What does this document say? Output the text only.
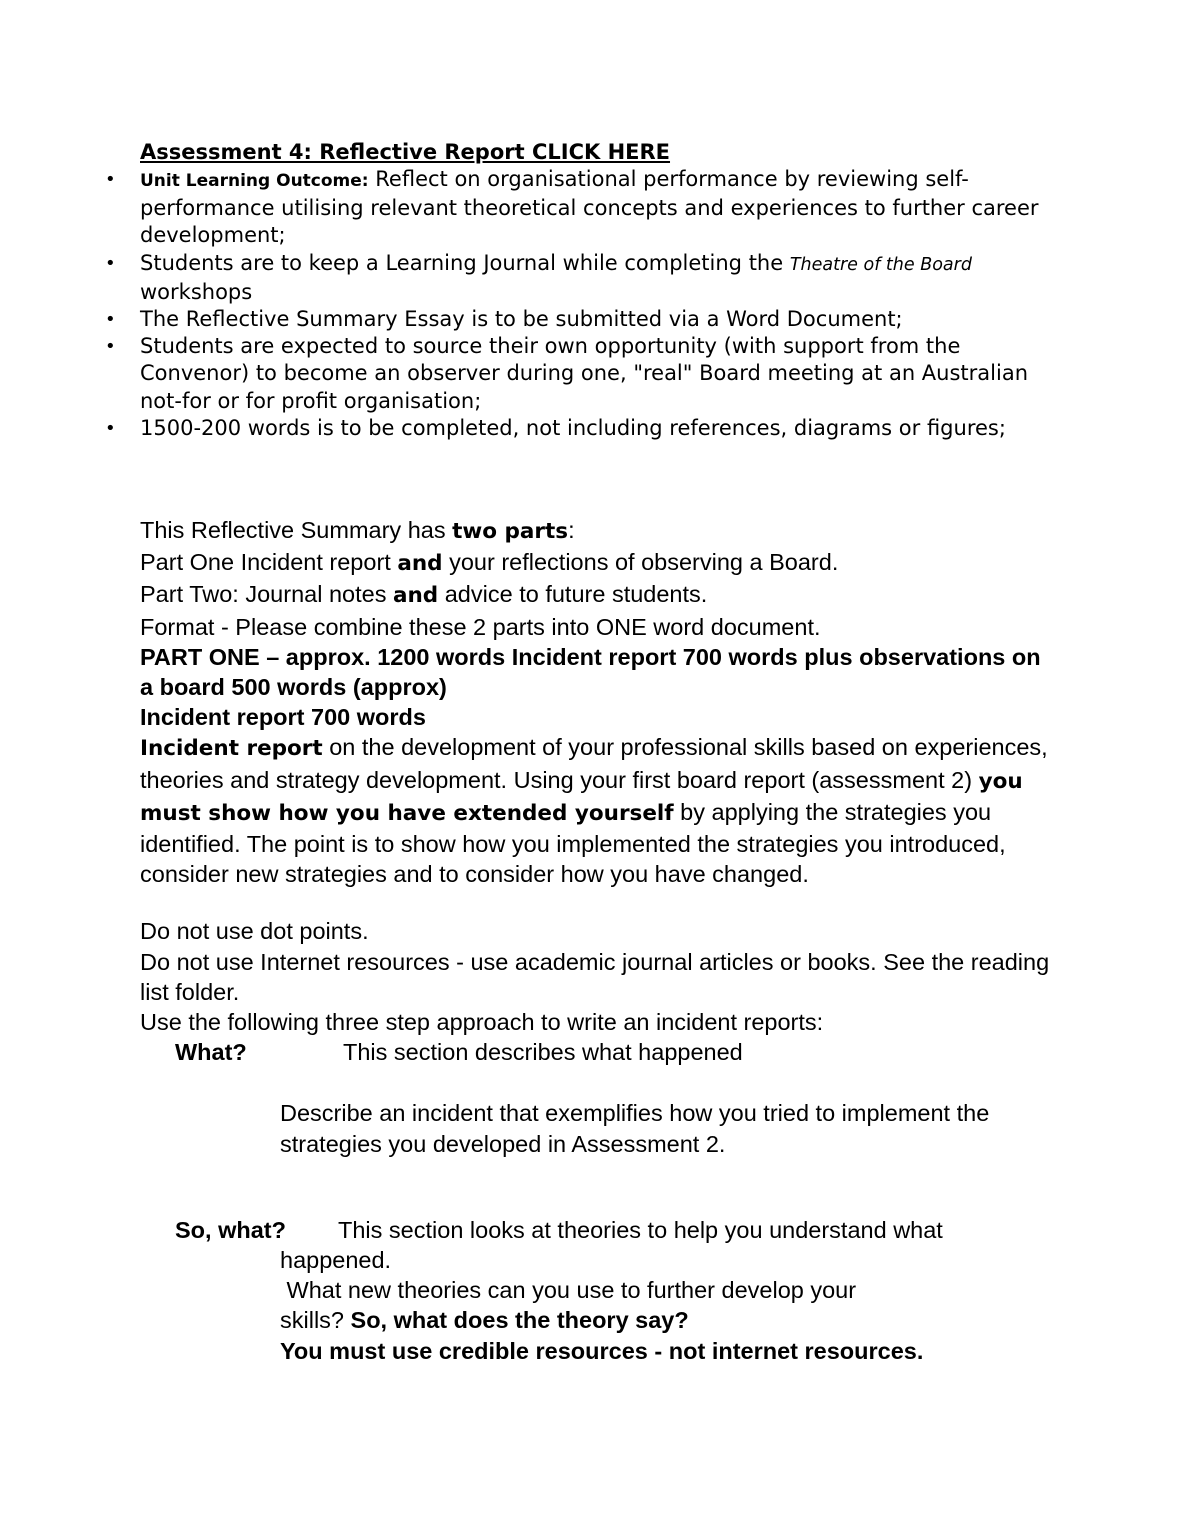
Assessment 4: Reflective Report CLICK HERE
• Unit Learning Outcome: Reflect on organisational performance by reviewing self-performance utilising relevant theoretical concepts and experiences to further career development;
• Students are to keep a Learning Journal while completing the Theatre of the Board workshops
• The Reflective Summary Essay is to be submitted via a Word Document;
• Students are expected to source their own opportunity (with support from the Convenor) to become an observer during one, "real" Board meeting at an Australian not-for or for profit organisation;
• 1500-200 words is to be completed, not including references, diagrams or figures;

This Reflective Summary has two parts:

Part One Incident report and your reflections of observing a Board.

Part Two: Journal notes and advice to future students.

Format - Please combine these 2 parts into ONE word document.

PART ONE – approx. 1200 words Incident report 700 words plus observations on a board 500 words (approx)

Incident report 700 words

Incident report on the development of your professional skills based on experiences, theories and strategy development. Using your first board report (assessment 2) you must show how you have extended yourself by applying the strategies you identified. The point is to show how you implemented the strategies you introduced, consider new strategies and to consider how you have changed.

Do not use dot points.

Do not use Internet resources - use academic journal articles or books. See the reading list folder.

Use the following three step approach to write an incident reports:

What?	This section describes what happened

Describe an incident that exemplifies how you tried to implement the strategies you developed in Assessment 2.

So, what? This section looks at theories to help you understand what

happened.

What new theories can you use to further develop your

skills? So, what does the theory say?

You must use credible resources - not internet resources.
